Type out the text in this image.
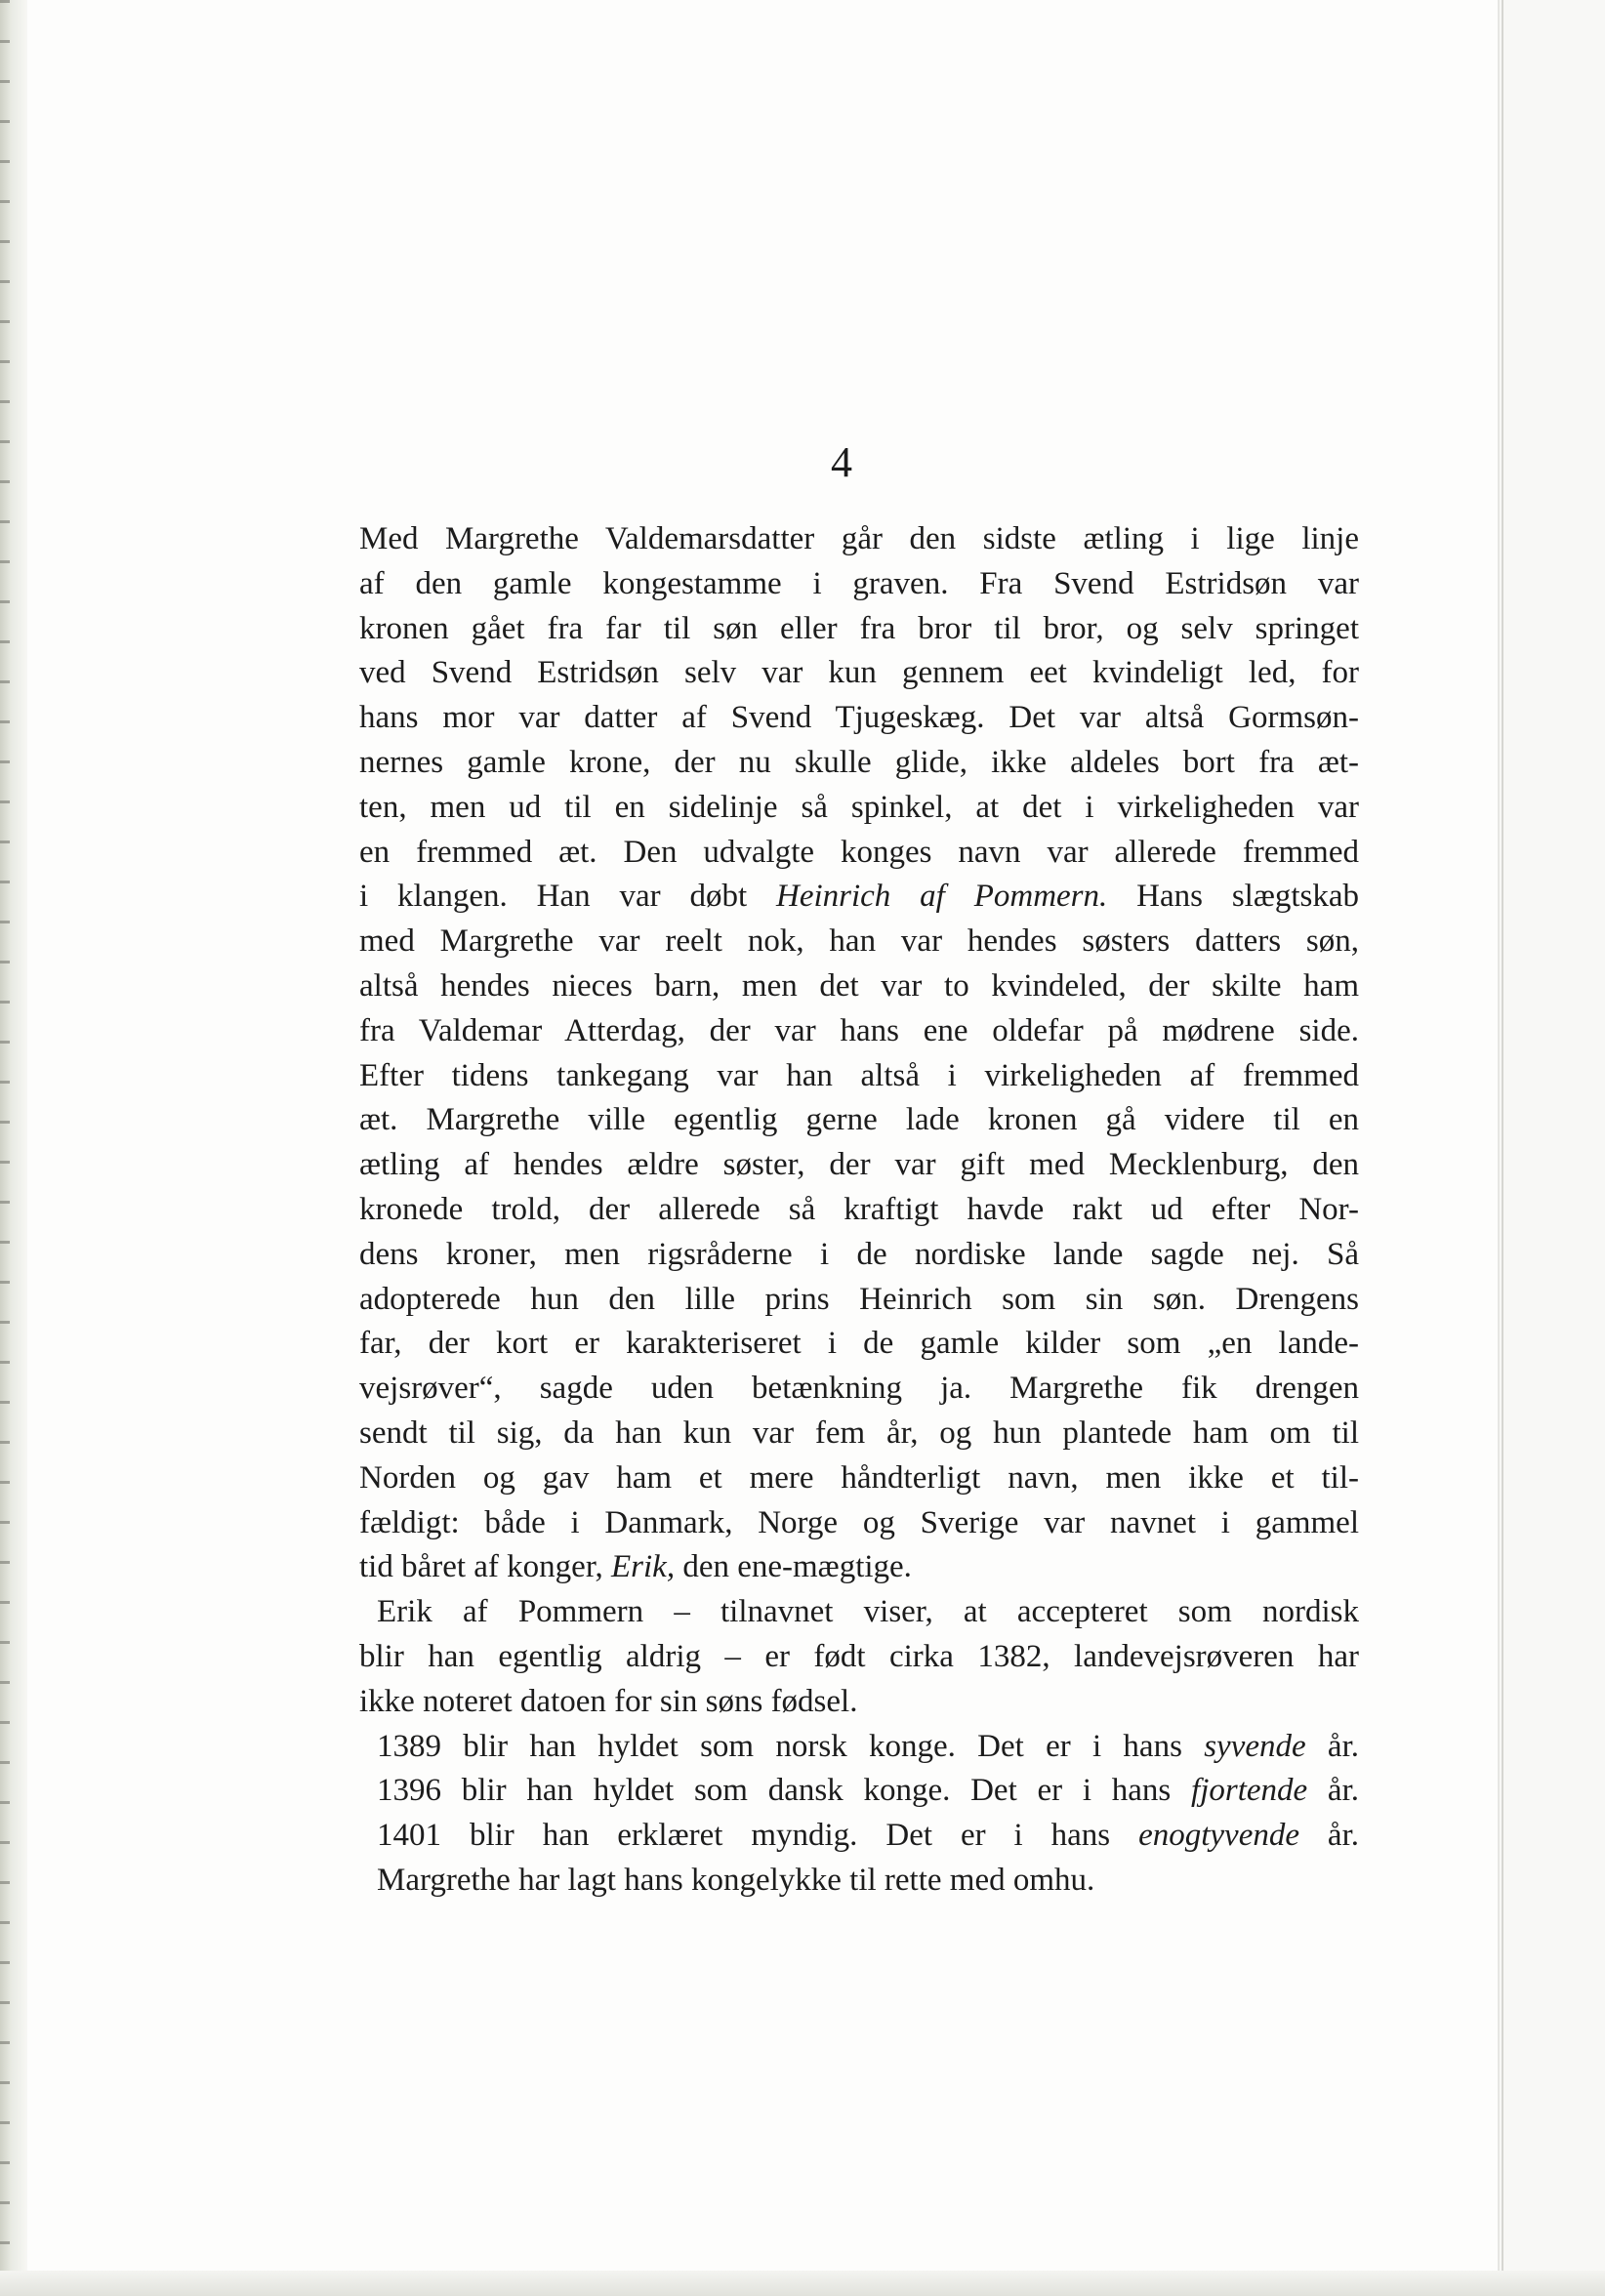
4
Med Margrethe Valdemarsdatter går den sidste ætling i lige linje
af den gamle kongestamme i graven. Fra Svend Estridsøn var
kronen gået fra far til søn eller fra bror til bror, og selv springet
ved Svend Estridsøn selv var kun gennem eet kvindeligt led, for
hans mor var datter af Svend Tjugeskæg. Det var altså Gormsøn-
nernes gamle krone, der nu skulle glide, ikke aldeles bort fra æt-
ten, men ud til en sidelinje så spinkel, at det i virkeligheden var
en fremmed æt. Den udvalgte konges navn var allerede fremmed
i klangen. Han var døbt Heinrich af Pommern. Hans slægtskab
med Margrethe var reelt nok, han var hendes søsters datters søn,
altså hendes nieces barn, men det var to kvindeled, der skilte ham
fra Valdemar Atterdag, der var hans ene oldefar på mødrene side.
Efter tidens tankegang var han altså i virkeligheden af fremmed
æt. Margrethe ville egentlig gerne lade kronen gå videre til en
ætling af hendes ældre søster, der var gift med Mecklenburg, den
kronede trold, der allerede så kraftigt havde rakt ud efter Nor-
dens kroner, men rigsråderne i de nordiske lande sagde nej. Så
adopterede hun den lille prins Heinrich som sin søn. Drengens
far, der kort er karakteriseret i de gamle kilder som „en lande-
vejsrøver“, sagde uden betænkning ja. Margrethe fik drengen
sendt til sig, da han kun var fem år, og hun plantede ham om til
Norden og gav ham et mere håndterligt navn, men ikke et til-
fældigt: både i Danmark, Norge og Sverige var navnet i gammel
tid båret af konger, Erik, den ene-mægtige.
Erik af Pommern – tilnavnet viser, at accepteret som nordisk
blir han egentlig aldrig – er født cirka 1382, landevejsrøveren har
ikke noteret datoen for sin søns fødsel.
1389 blir han hyldet som norsk konge. Det er i hans syvende år.
1396 blir han hyldet som dansk konge. Det er i hans fjortende år.
1401 blir han erklæret myndig. Det er i hans enogtyvende år.
Margrethe har lagt hans kongelykke til rette med omhu.
